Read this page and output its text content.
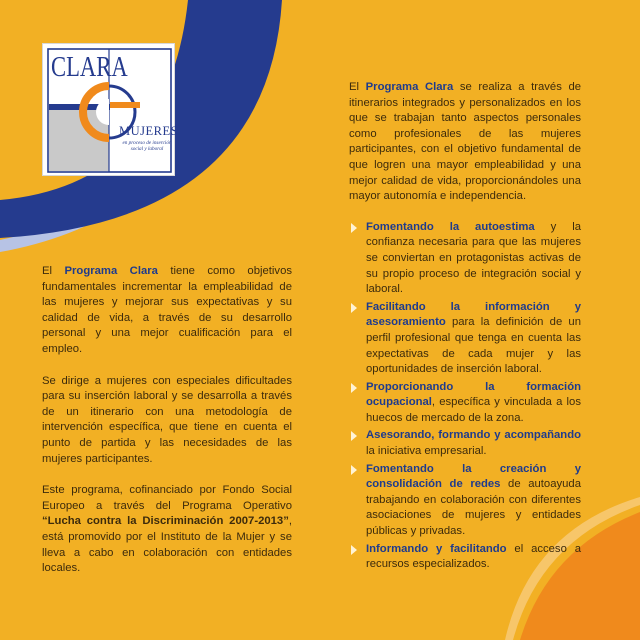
CLARA
MUJERES
en proceso de inserción social y laboral

El Programa Clara tiene como objetivos fundamentales incrementar la empleabilidad de las mujeres y mejorar sus expectativas y su calidad de vida, a través de su desarrollo personal y una mejor cualificación para el empleo.

Se dirige a mujeres con especiales dificultades para su inserción laboral y se desarrolla a través de un itinerario con una metodología de intervención específica, que tiene en cuenta el punto de partida y las necesidades de las mujeres participantes.

Este programa, cofinanciado por Fondo Social Europeo a través del Programa Operativo “Lucha contra la Discriminación 2007-2013”, está promovido por el Instituto de la Mujer y se lleva a cabo en colaboración con entidades locales.

El Programa Clara se realiza a través de itinerarios integrados y personalizados en los que se trabajan tanto aspectos personales como profesionales de las mujeres participantes, con el objetivo fundamental de que logren una mayor empleabilidad y una mejor calidad de vida, proporcionándoles una mayor autonomía e independencia.

Fomentando la autoestima y la confianza necesaria para que las mujeres se conviertan en protagonistas activas de su propio proceso de integración social y laboral.
Facilitando la información y asesoramiento para la definición de un perfil profesional que tenga en cuenta las expectativas de cada mujer y las oportunidades de inserción laboral.
Proporcionando la formación ocupacional, específica y vinculada a los huecos de mercado de la zona.
Asesorando, formando y acompañando la iniciativa empresarial.
Fomentando la creación y consolidación de redes de autoayuda trabajando en colaboración con diferentes asociaciones de mujeres y entidades públicas y privadas.
Informando y facilitando el acceso a recursos especializados.
